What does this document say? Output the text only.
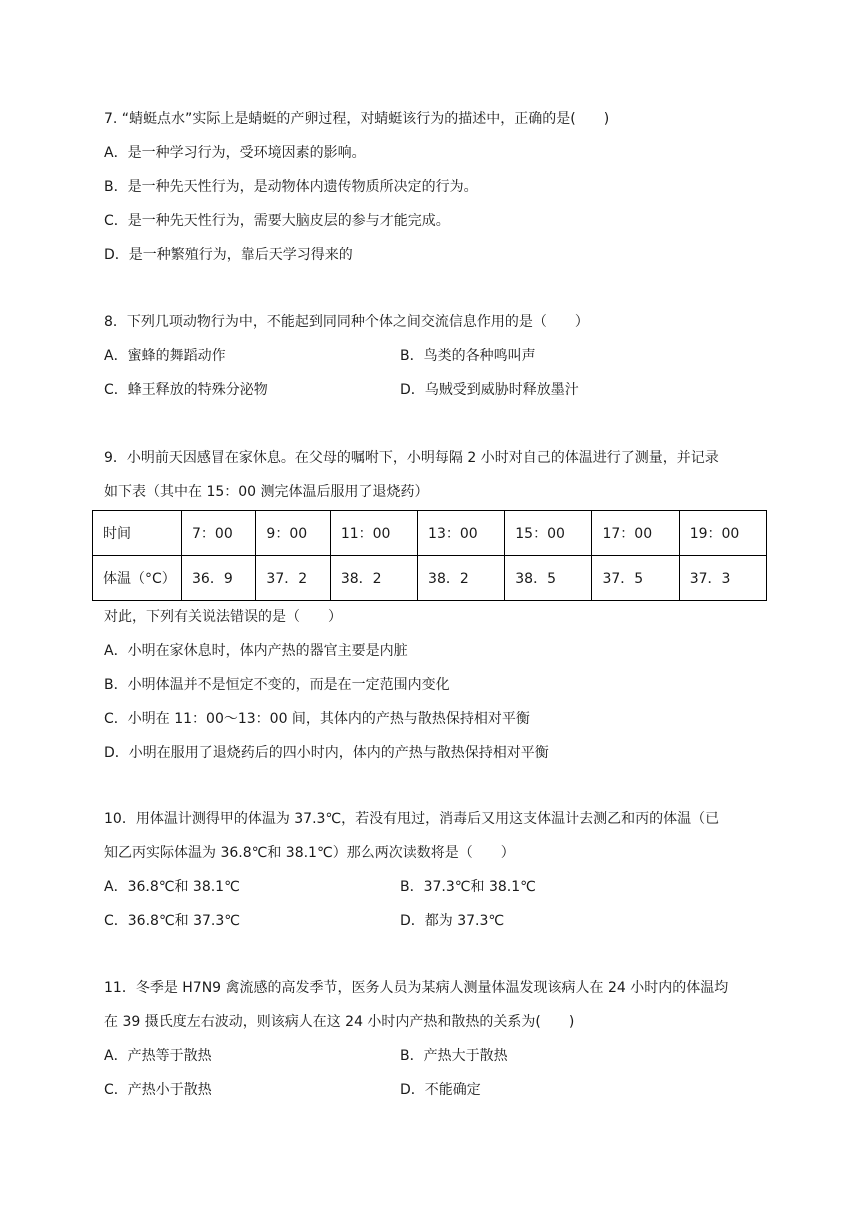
7. “蜻蜓点水”实际上是蜻蜓的产卵过程，对蜻蜓该行为的描述中，正确的是(　　)
A．是一种学习行为，受环境因素的影响。
B．是一种先天性行为，是动物体内遗传物质所决定的行为。
C．是一种先天性行为，需要大脑皮层的参与才能完成。
D．是一种繁殖行为，靠后天学习得来的
8．下列几项动物行为中，不能起到同同种个体之间交流信息作用的是（　　）
A．蜜蜂的舞蹈动作	B．鸟类的各种鸣叫声
C．蜂王释放的特殊分泌物	D．乌贼受到威胁时释放墨汁
9．小明前天因感冒在家休息。在父母的嘱咐下，小明每隔 2 小时对自己的体温进行了测量，并记录
如下表（其中在 15：00 测完体温后服用了退烧药）
时间	7：00	9：00	11：00	13：00	15：00	17：00	19：00
体温（°C）	36．9	37．2	38．2	38．2	38．5	37．5	37．3
对此，下列有关说法错误的是（　　）
A．小明在家休息时，体内产热的器官主要是内脏
B．小明体温并不是恒定不变的，而是在一定范围内变化
C．小明在 11：00～13：00 间，其体内的产热与散热保持相对平衡
D．小明在服用了退烧药后的四小时内，体内的产热与散热保持相对平衡
10．用体温计测得甲的体温为 37.3℃，若没有甩过，消毒后又用这支体温计去测乙和丙的体温（已
知乙丙实际体温为 36.8℃和 38.1℃）那么两次读数将是（　　）
A．36.8℃和 38.1℃	B．37.3℃和 38.1℃
C．36.8℃和 37.3℃	D．都为 37.3℃
11．冬季是 H7N9 禽流感的高发季节，医务人员为某病人测量体温发现该病人在 24 小时内的体温均
在 39 摄氏度左右波动，则该病人在这 24 小时内产热和散热的关系为(　　)
A．产热等于散热	B．产热大于散热
C．产热小于散热	D．不能确定
